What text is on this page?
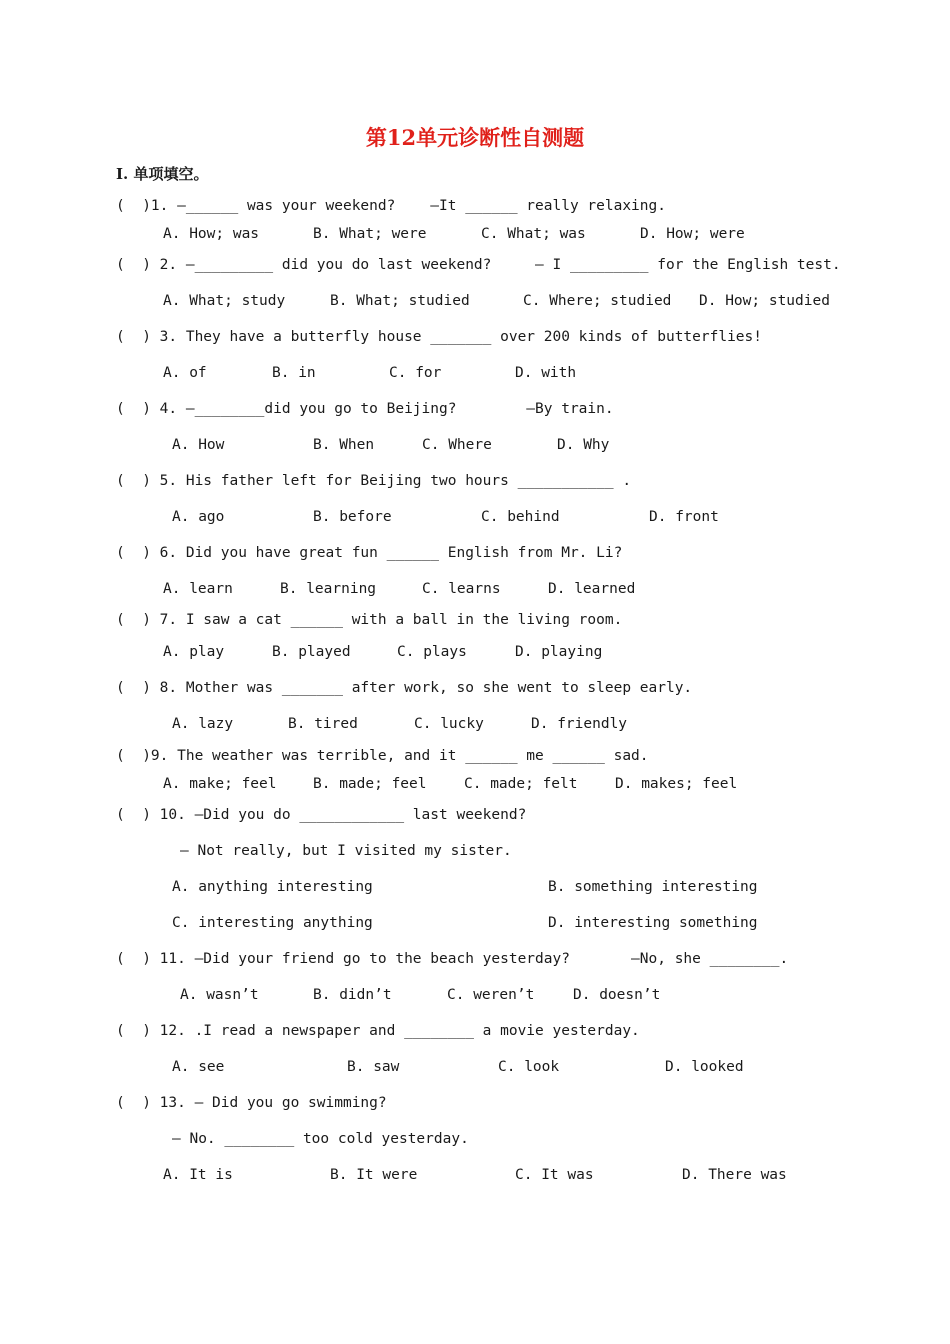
第12单元诊断性自测题
I. 单项填空。
(  )1. —______ was your weekend?    —It ______ really relaxing.
A. How; was	B. What; were	C. What; was	D. How; were
(  ) 2. —_________ did you do last weekend?     — I _________ for the English test.
A. What; study	B. What; studied	C. Where; studied D. How; studied
(  ) 3. They have a butterfly house _______ over 200 kinds of butterflies!
A. of	B. in	C. for	D. with
(  ) 4. —________did you go to Beijing?        —By train.
A. How	B. When	C. Where	D. Why
(  ) 5. His father left for Beijing two hours ___________ .
A. ago	B. before	C. behind	D. front
(  ) 6. Did you have great fun ______ English from Mr. Li?
A. learn	B. learning	C. learns	D. learned
(  ) 7. I saw a cat ______ with a ball in the living room.
A. play	B. played	C. plays	D. playing
(  ) 8. Mother was _______ after work, so she went to sleep early.
A. lazy	B. tired	C. lucky	D. friendly
(  )9. The weather was terrible, and it ______ me ______ sad.
A. make; feel	B. made; feel	C. made; felt	D. makes; feel
(  ) 10. —Did you do ____________ last weekend?
— Not really, but I visited my sister.
A. anything interesting	B. something interesting
C. interesting anything	D. interesting something
(  ) 11. —Did your friend go to the beach yesterday?       —No, she ________.
A. wasn’t	B. didn’t	C. weren’t	D. doesn’t
(  ) 12. .I read a newspaper and ________ a movie yesterday.
A. see	B. saw	C. look	D. looked
(  ) 13. — Did you go swimming?
— No. ________ too cold yesterday.
A. It is	B. It were	C. It was	D. There was
